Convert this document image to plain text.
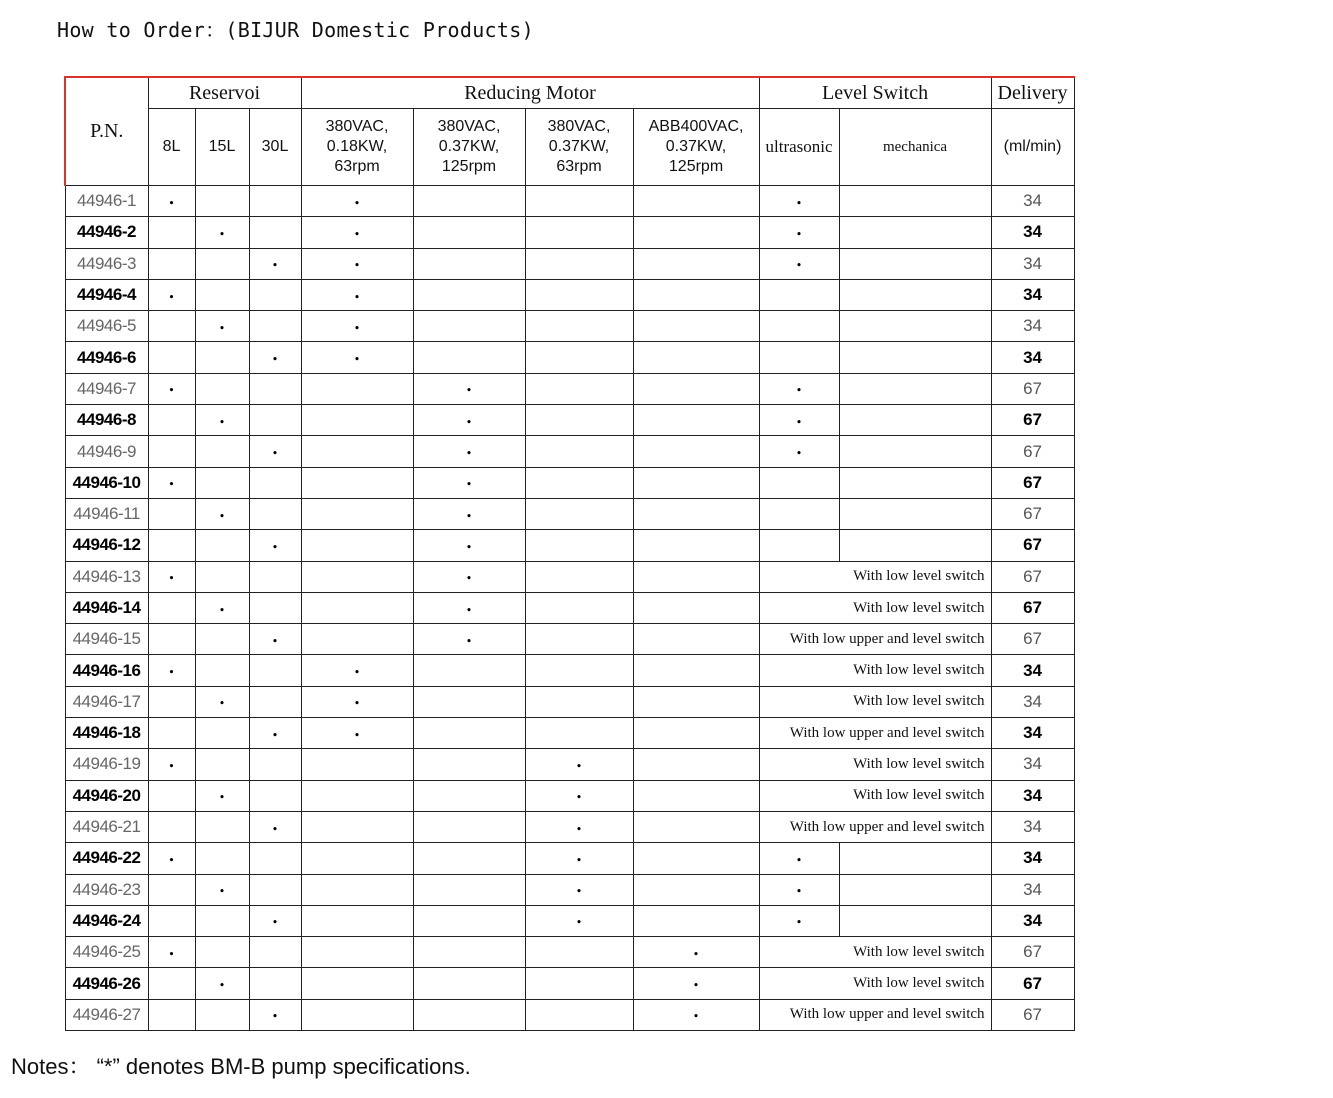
How to Order：(BIJUR Domestic Products)
P.N.	Reservoi			Reducing Motor				Level Switch		Delivery
	8L	15L	30L	380VAC,
0.18KW,
63rpm	380VAC,
0.37KW,
125rpm	380VAC,
0.37KW,
63rpm	ABB400VAC,
0.37KW,
125rpm	ultrasonic	mechanica	(ml/min)
44946-1	•			•				•		34
44946-2		•		•				•		34
44946-3			•	•				•		34
44946-4	•			•						34
44946-5		•		•						34
44946-6			•	•						34
44946-7	•				•			•		67
44946-8		•			•			•		67
44946-9			•		•			•		67
44946-10	•				•					67
44946-11		•			•					67
44946-12			•		•					67
44946-13	•				•			With low level switch		67
44946-14		•			•			With low level switch		67
44946-15			•		•			With low upper and level switch		67
44946-16	•			•				With low level switch		34
44946-17		•		•				With low level switch		34
44946-18			•	•				With low upper and level switch		34
44946-19	•					•		With low level switch		34
44946-20		•				•		With low level switch		34
44946-21			•			•		With low upper and level switch		34
44946-22	•					•		•		34
44946-23		•				•		•		34
44946-24			•			•		•		34
44946-25	•						•	With low level switch		67
44946-26		•					•	With low level switch		67
44946-27			•				•	With low upper and level switch		67
Notes： “*” denotes BM-B pump specifications.
